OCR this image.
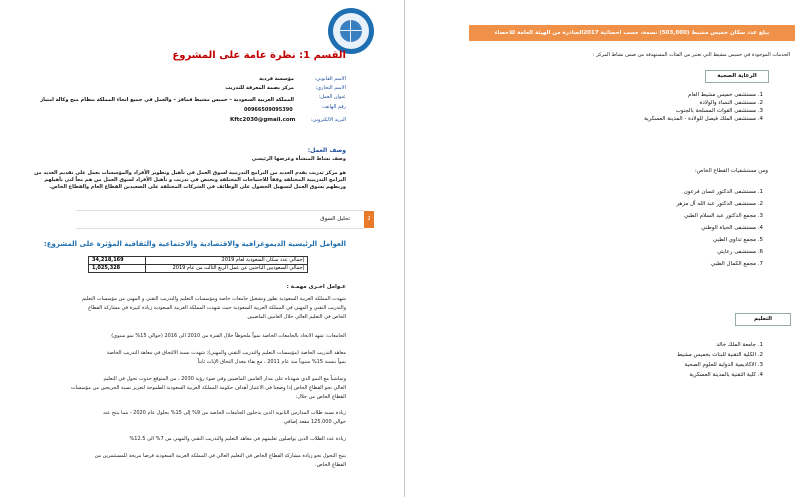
القسم 1: نظرة عامة على المشروع
الاسم القانوني:
مؤسسة فردية
الاسم التجاري:
مركز بصمة المعرفة للتدريب
عنوان العمل:
المملكة العربية السعودية – خميس مشيط فمافز – والعمل في جميع انحاء المملكة بنظام منح وكالة امتياز
رقم الهاتف:
00966509095390
البريد الالكتروني:
Kftc2030@gmail.com
وصف العمل:
وصف نشاط المنشأة وغرضها الرئيسي
هو مركز تدريب يقدم العديد من البرامج التدريبية لسوق العمل في تأهيل وتطوير الأفراد والمؤسسات يعمل على تقديم العديد من
البرامج التدريبية المختلفة وفقاً للاحتياجات المختلفة وتختص في تدريب و تأهيل الأفراد لسوق العمل من هم معاً لتي تأهيلهم
وربطهم بسوق العمل لتسهيل الحصول على الوظائف في الشركات المختلفة على الصعيدين القطاع العام والقطاع الخاص.
2
تحليل السوق
العوامل الرئيسية الديموغرافية والاقتصادية والاجتماعية والثقافية المؤثرة على المشروع:
34,218,169	إجمالي عدد سكان السعودية لعام 2019
1,025,328	إجمالي السعوديين الباحثين عن عمل الربع الثالث من عام 2019
عـوامل اخـرى مهمـة :
شهدت المملكة العربية السعودية تطور وتشغيل جامعات خاصة ومؤسسات التعليم والتدريب التقني و المهني من مؤسسات التعليم
والتدريب التقني و المهني في المملكة العربية السعودية حيث شهدت المملكة العربية السعودية زيادة كبيرة في مشاركة القطاع
الخاص في التعليم العالي خلال العامين الماضيين
الجامعات: شهد الاتحاد بالجامعات الخاصة نمواً ملحوظاً خلال الفترة من 2010 الى 2016 (حوالي 15% نمو سنوي)
معاهد التدريب الخاصة (مؤسسات التعليم والتدريب التقني والمهني): شهدت نسبة الالتحاق في معاهد التدريب الخاصة
نمواً بنسبة 15% سنوياً منذ عام 2011 ، مع بقاء معدل التحاق الإناث ثابتاً
وتماشياً مع النمو الذي شهدناه على مدار العامين الماضيين وفي ضوء رؤية 2030 ، من المتوقع حدوث تحول في التعليم
العالي نحو القطاع الخاص إذا وضعنا في الاعتبار أهداف حكومة المملكة العربية السعودية الطموحة لتعزيز نسبة الخريجين من مؤسسات
القطاع الخاص من خلال:
زيادة نسبة طلاب المدارس الثانوية الذين يدخلون الجامعات الخاصة من 9% إلى 15% بحلول عام 2020 - مما ينتج عنه
حوالي 125.000 مقعد إضافي
زيادة عدد الطلاب الذين يواصلون تعليمهم في معاهد التعليم والتدريب التقني والمهني من 7% الى 12.5%
يتيح التحول نحو زيادة مشاركة القطاع الخاص في التعليم العالي في المملكة العربية السعودية فرصا مربحة للمستثمرين من
القطاع الخاص.
يبلغ عدد سكان خميس مشيط (503,000) نسمة، حسب احصائية 2017الصادرة من الهيئة العامة للاحصاء
الخدمات الموجودة في خميس مشيط التي تعتبر من الفئات المستهدفة من ضمن نشاط المركز :
الرعاية الصحية
1. مستشفى خميس مشيط العام
2. مستشفى النساء والولادة
3. مستشفى القوات المسلحة بالجنوب
4. مستشفى الملك فيصل للولادة - المدينة العسكرية
ومن مستشفيات القطاع الخاص:
1. مستشفى الدكتور غسان فرعون
2. مستشفى الدكتور عبد الله آل مزهر
3. مجمع الدكتور عبد السلام الطبي
4. مستشفى الحياة الوطني
5. مجمع تداوي الطبي
6. مستشفى رعايتي
7. مجمع الكمال الطبي
التعليم
1. جامعة الملك خالد
2. الكلية التقنية للبنات بخميس مشيط
3. الاكاديمية الدولية للعلوم الصحية
4. كلية التقنية بالمدينة العسكرية
